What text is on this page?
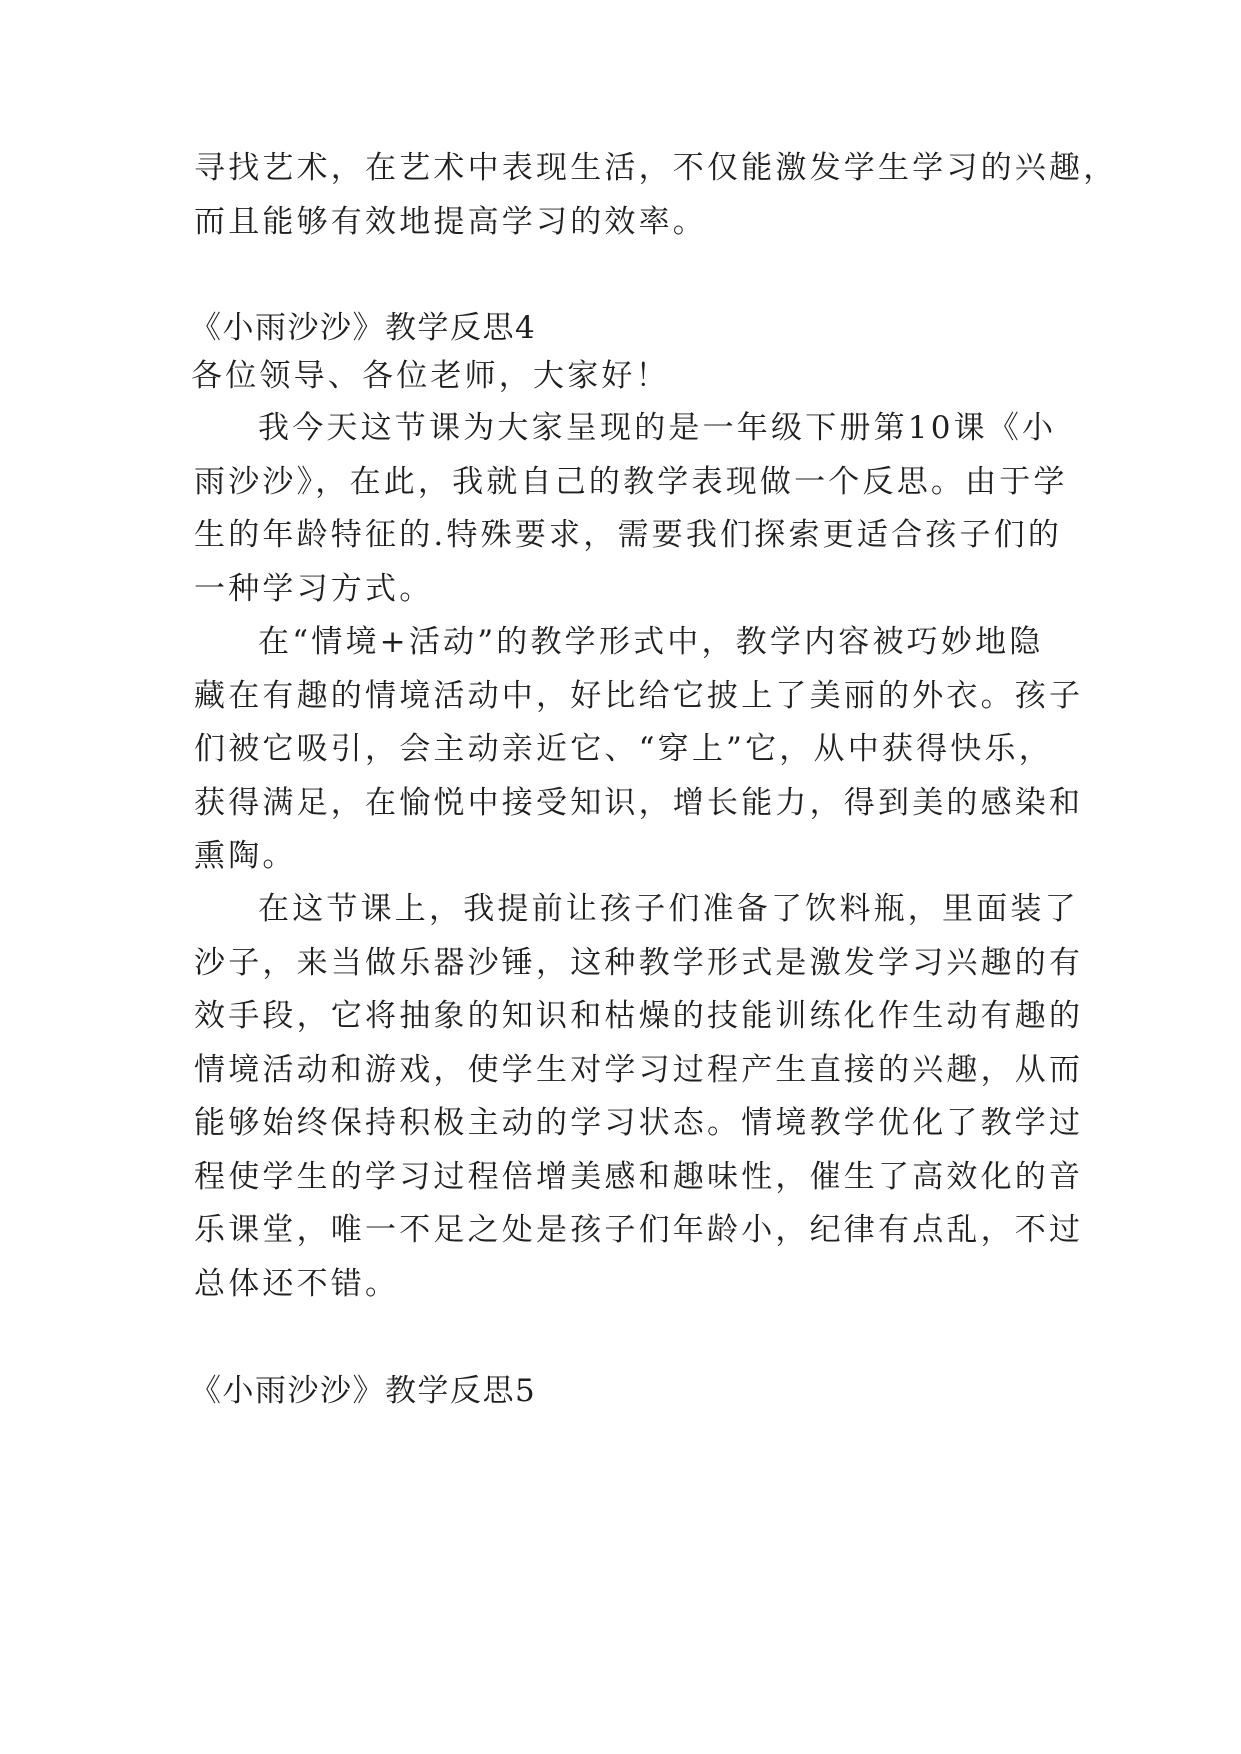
寻找艺术，在艺术中表现生活，不仅能激发学生学习的兴趣，
而且能够有效地提高学习的效率。
《小雨沙沙》教学反思4
各位领导、各位老师，大家好！
我今天这节课为大家呈现的是一年级下册第10课《小
雨沙沙》，在此，我就自己的教学表现做一个反思。由于学
生的年龄特征的.特殊要求，需要我们探索更适合孩子们的
一种学习方式。
在“情境+活动”的教学形式中，教学内容被巧妙地隐
藏在有趣的情境活动中，好比给它披上了美丽的外衣。孩子
们被它吸引，会主动亲近它、“穿上”它，从中获得快乐，
获得满足，在愉悦中接受知识，增长能力，得到美的感染和
熏陶。
在这节课上，我提前让孩子们准备了饮料瓶，里面装了
沙子，来当做乐器沙锤，这种教学形式是激发学习兴趣的有
效手段，它将抽象的知识和枯燥的技能训练化作生动有趣的
情境活动和游戏，使学生对学习过程产生直接的兴趣，从而
能够始终保持积极主动的学习状态。情境教学优化了教学过
程使学生的学习过程倍增美感和趣味性，催生了高效化的音
乐课堂，唯一不足之处是孩子们年龄小，纪律有点乱，不过
总体还不错。
《小雨沙沙》教学反思5
